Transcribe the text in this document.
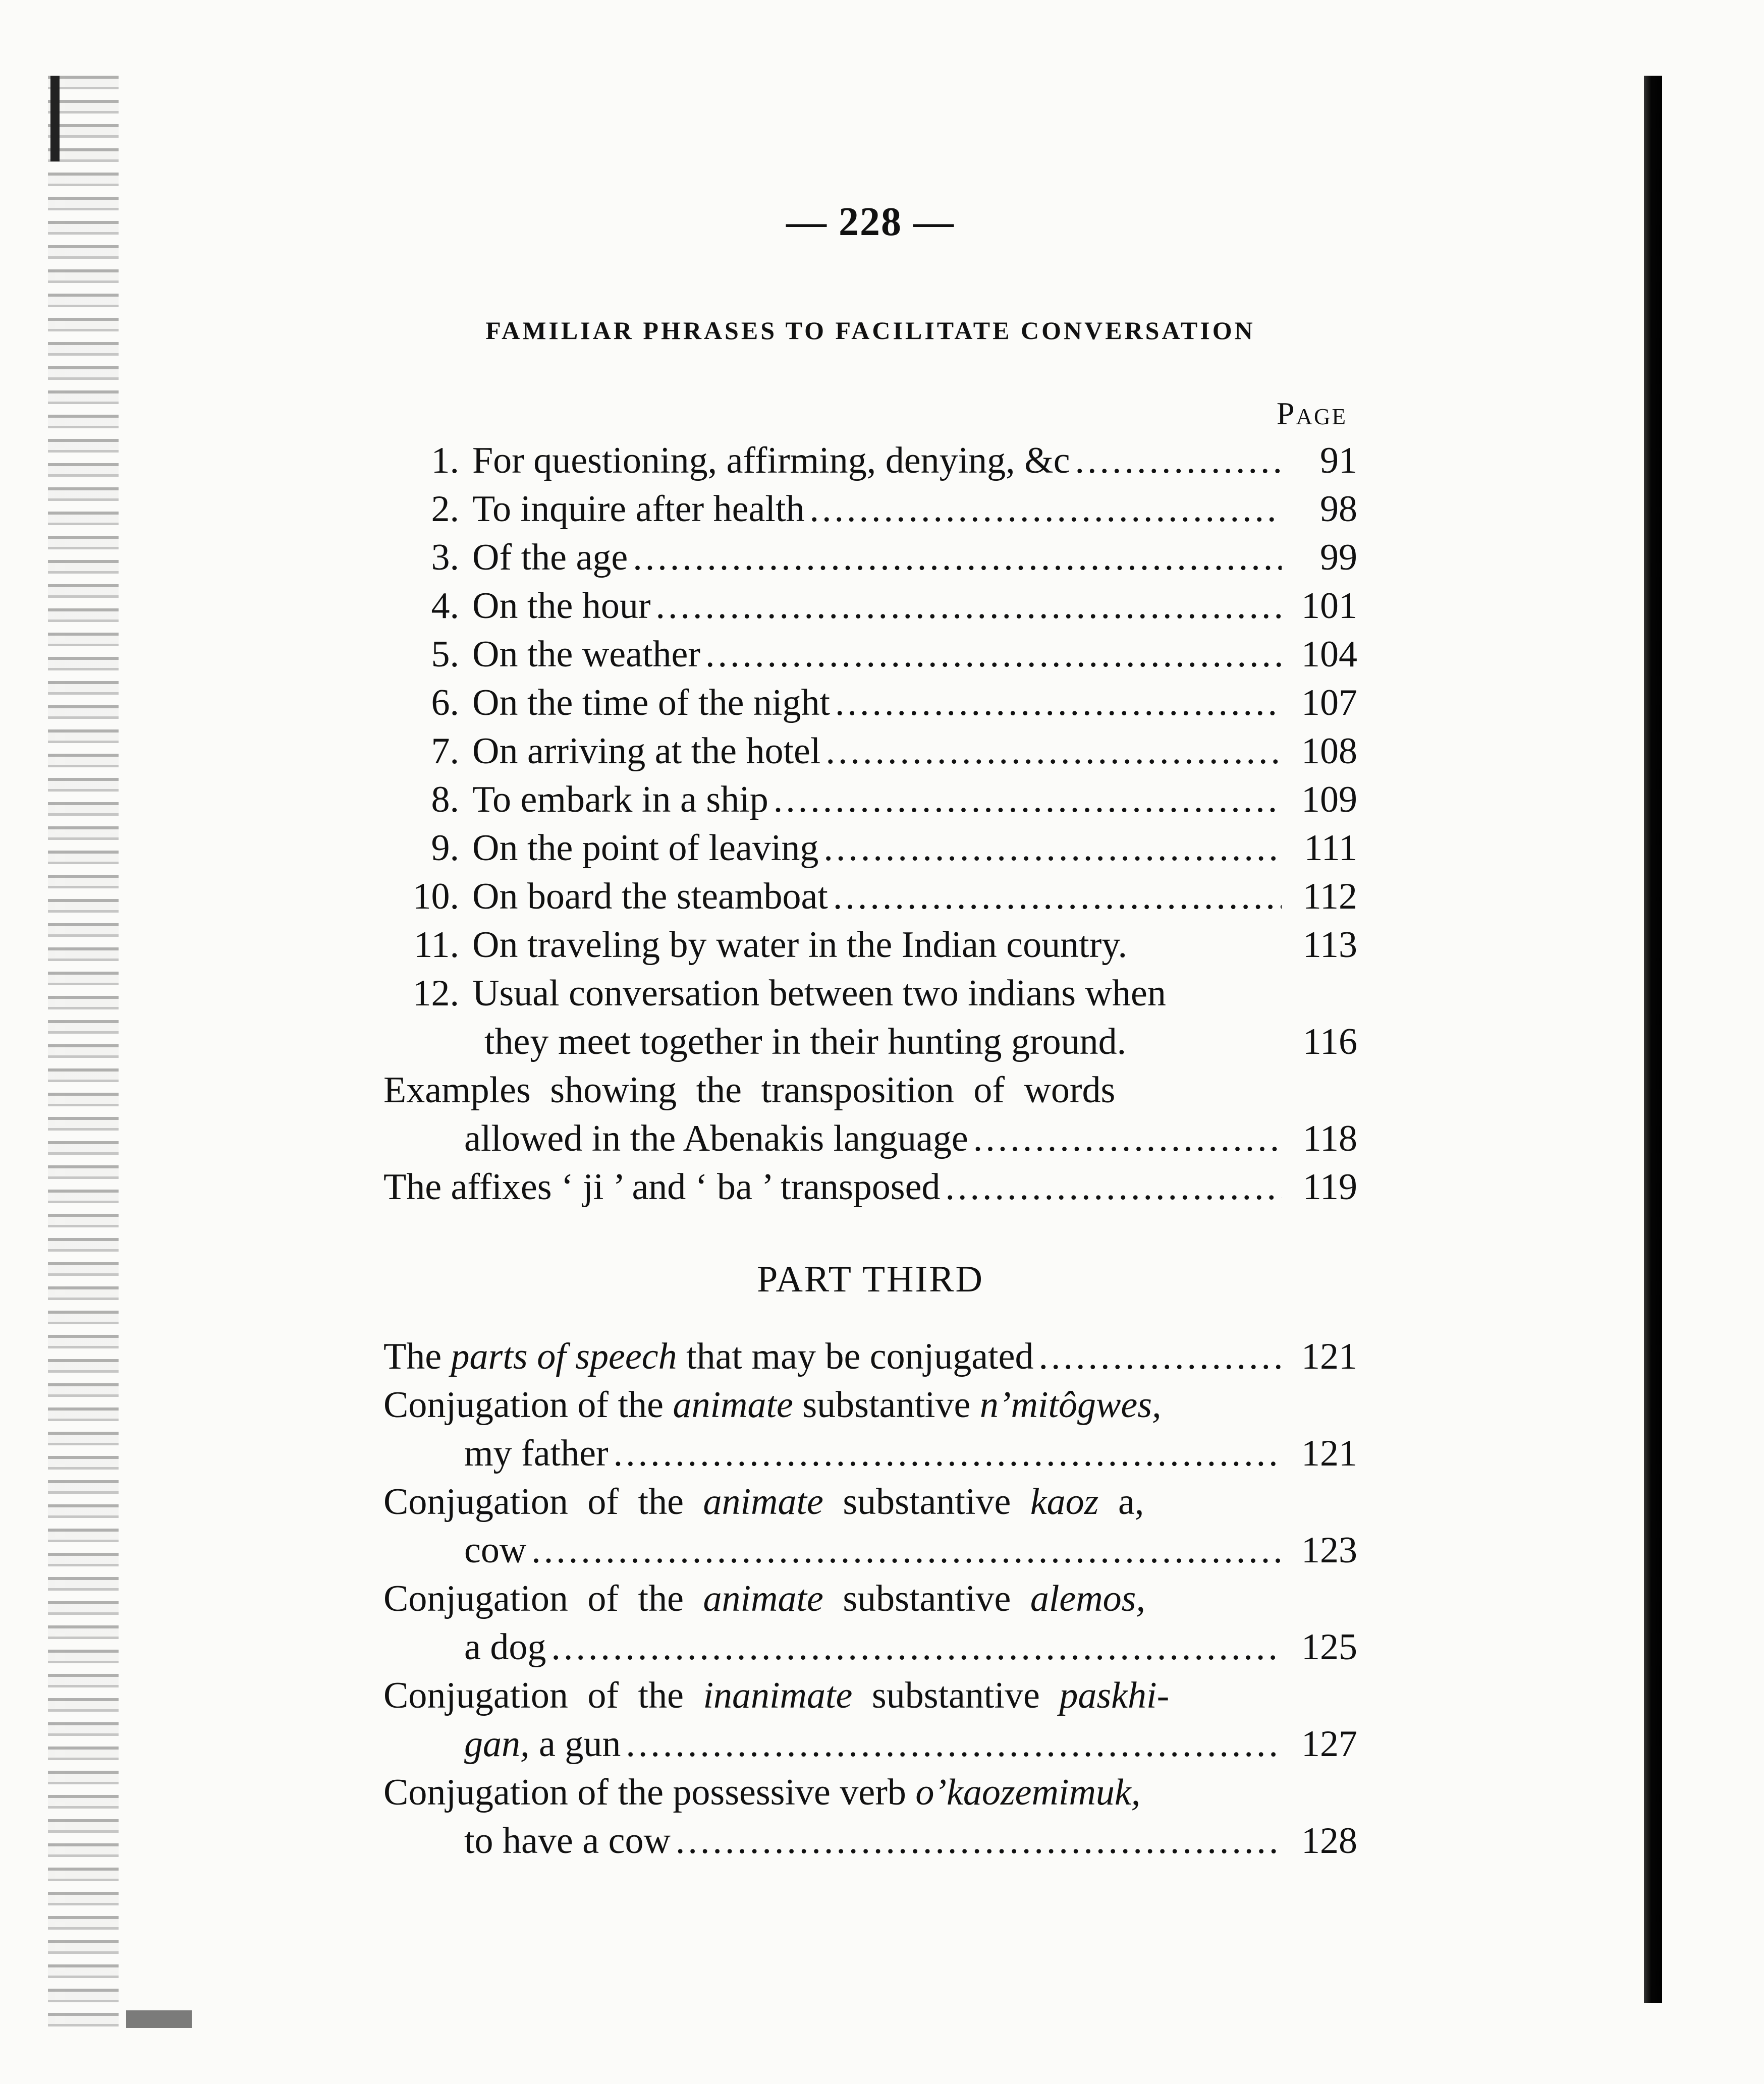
— 228 —
FAMILIAR PHRASES TO FACILITATE CONVERSATION
Page
1. For questioning, affirming, denying, &c .....	91
2. To inquire after health .....	98
3. Of the age .....	99
4. On the hour .....	101
5. On the weather .....	104
6. On the time of the night .....	107
7. On arriving at the hotel .....	108
8. To embark in a ship .....	109
9. On the point of leaving .....	111
10. On board the steamboat .....	112
11. On traveling by water in the Indian country.	113
12. Usual conversation between two indians when
they meet together in their hunting ground.	116
Examples showing the transposition of words
allowed in the Abenakis language .....	118
The affixes ‘ ji ’ and ‘ ba ’ transposed .....	119
PART THIRD
The parts of speech that may be conjugated .....	121
Conjugation of the animate substantive n’mitôgwes,
my father .....	121
Conjugation of the animate substantive kaoz a,
cow .....	123
Conjugation of the animate substantive alemos,
a dog .....	125
Conjugation of the inanimate substantive paskhi-
gan, a gun .....	127
Conjugation of the possessive verb o’kaozemimuk,
to have a cow .....	128
